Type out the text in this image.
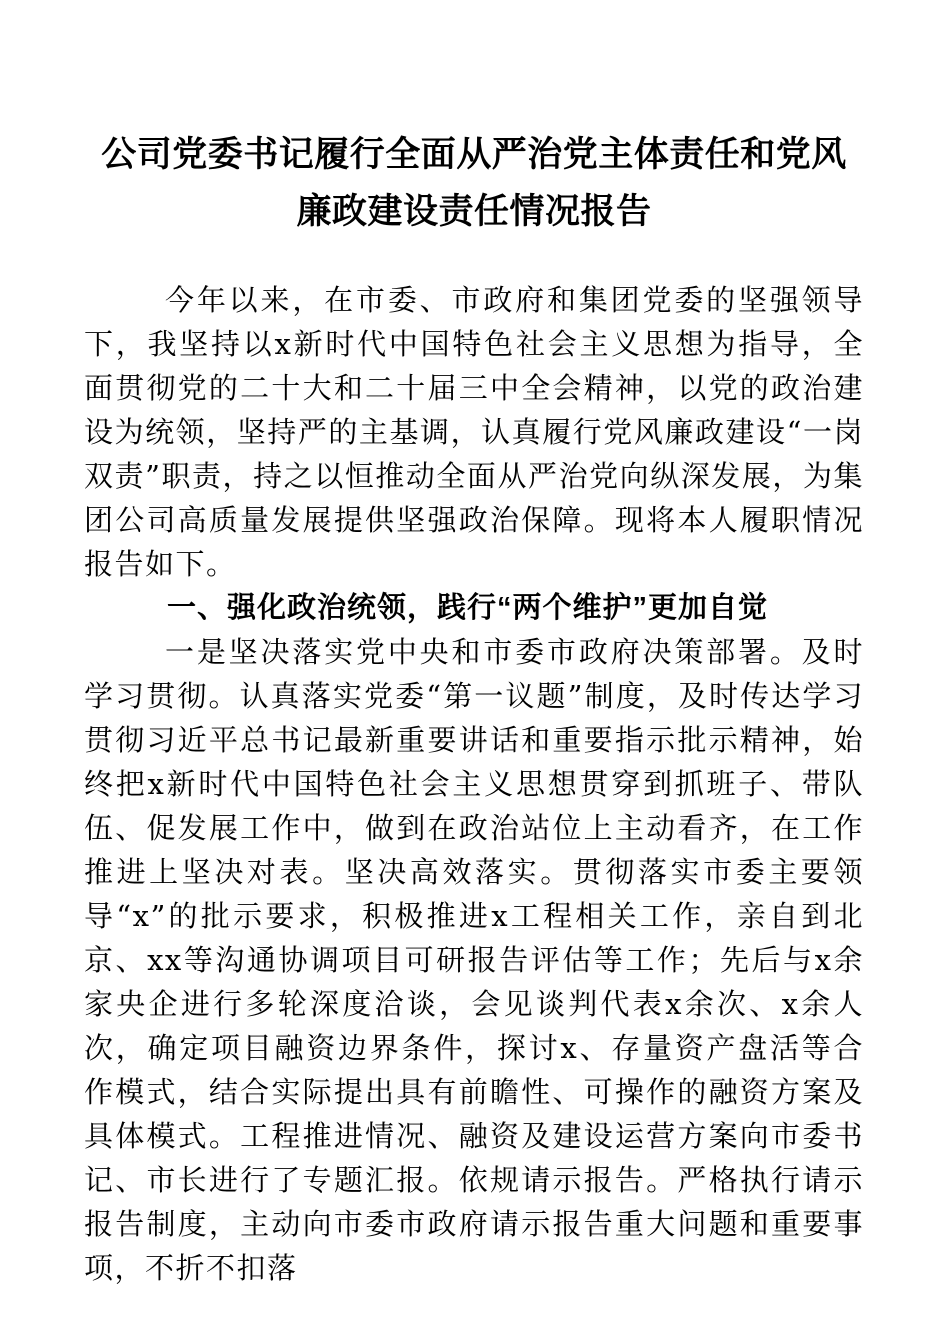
公司党委书记履行全面从严治党主体责任和党风廉政建设责任情况报告

今年以来，在市委、市政府和集团党委的坚强领导下，我坚持以x新时代中国特色社会主义思想为指导，全面贯彻党的二十大和二十届三中全会精神，以党的政治建设为统领，坚持严的主基调，认真履行党风廉政建设“一岗双责”职责，持之以恒推动全面从严治党向纵深发展，为集团公司高质量发展提供坚强政治保障。现将本人履职情况报告如下。

一、强化政治统领，践行“两个维护”更加自觉

一是坚决落实党中央和市委市政府决策部署。及时学习贯彻。认真落实党委“第一议题”制度，及时传达学习贯彻习近平总书记最新重要讲话和重要指示批示精神，始终把x新时代中国特色社会主义思想贯穿到抓班子、带队伍、促发展工作中，做到在政治站位上主动看齐，在工作推进上坚决对表。坚决高效落实。贯彻落实市委主要领导“x”的批示要求，积极推进x工程相关工作，亲自到北京、xx等沟通协调项目可研报告评估等工作；先后与x余家央企进行多轮深度洽谈，会见谈判代表x余次、x余人次，确定项目融资边界条件，探讨x、存量资产盘活等合作模式，结合实际提出具有前瞻性、可操作的融资方案及具体模式。工程推进情况、融资及建设运营方案向市委书记、市长进行了专题汇报。依规请示报告。严格执行请示报告制度，主动向市委市政府请示报告重大问题和重要事项，不折不扣落
